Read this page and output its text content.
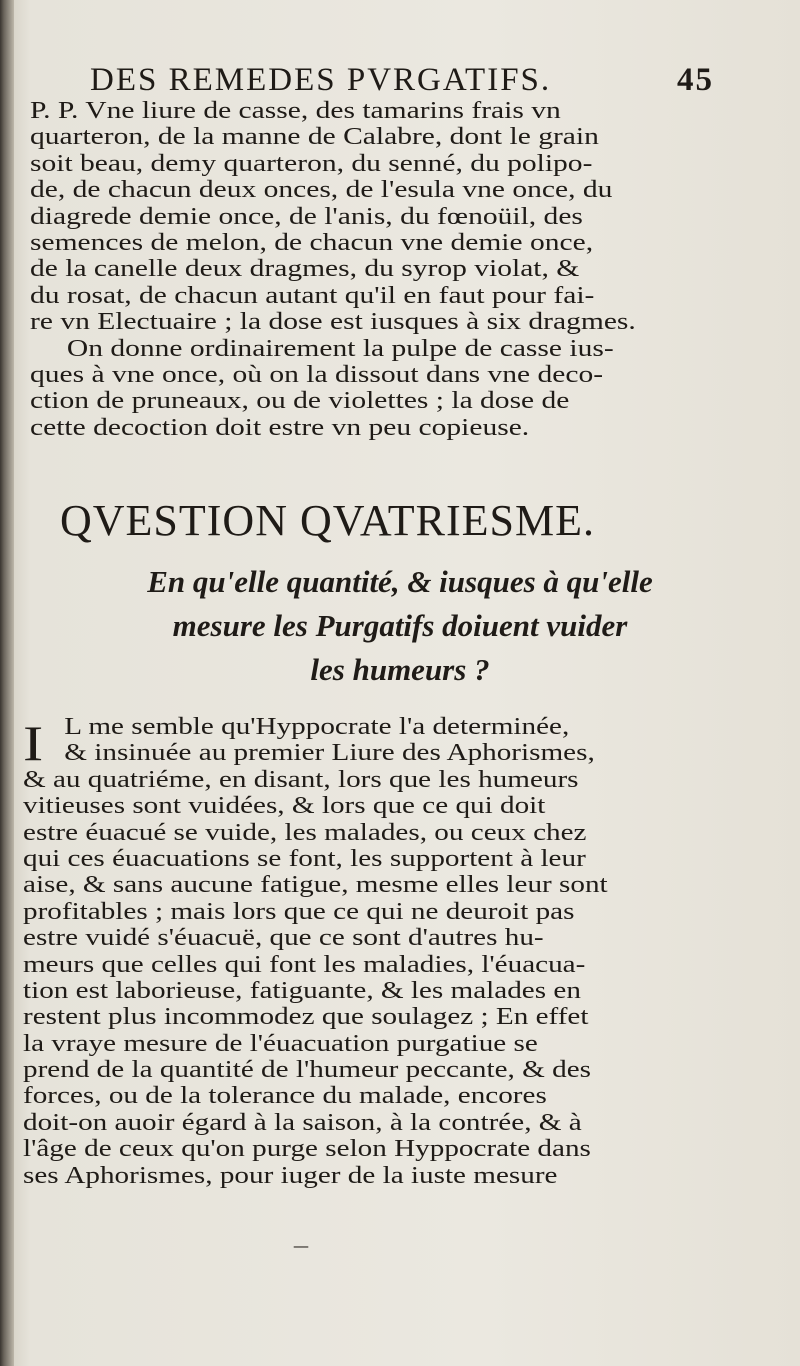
DES REMEDES PVRGATIFS.	45
P. P. Vne liure de casse, des tamarins frais vn
quarteron, de la manne de Calabre, dont le grain
soit beau, demy quarteron, du senné, du polipo-
de, de chacun deux onces, de l'esula vne once, du
diagrede demie once, de l'anis, du fœnoüil, des
semences de melon, de chacun vne demie once,
de la canelle deux dragmes, du syrop violat, &
du rosat, de chacun autant qu'il en faut pour fai-
re vn Electuaire ; la dose est iusques à six dragmes.
On donne ordinairement la pulpe de casse ius-
ques à vne once, où on la dissout dans vne deco-
ction de pruneaux, ou de violettes ; la dose de
cette decoction doit estre vn peu copieuse.
QVESTION QVATRIESME.
En qu'elle quantité, & iusques à qu'elle
mesure les Purgatifs doiuent vuider
les humeurs ?
I L me semble qu'Hyppocrate l'a determinée,
& insinuée au premier Liure des Aphorismes,
& au quatriéme, en disant, lors que les humeurs
vitieuses sont vuidées, & lors que ce qui doit
estre éuacué se vuide, les malades, ou ceux chez
qui ces éuacuations se font, les supportent à leur
aise, & sans aucune fatigue, mesme elles leur sont
profitables ; mais lors que ce qui ne deuroit pas
estre vuidé s'éuacuë, que ce sont d'autres hu-
meurs que celles qui font les maladies, l'éuacua-
tion est laborieuse, fatiguante, & les malades en
restent plus incommodez que soulagez ; En effet
la vraye mesure de l'éuacuation purgatiue se
prend de la quantité de l'humeur peccante, & des
forces, ou de la tolerance du malade, encores
doit-on auoir égard à la saison, à la contrée, & à
l'âge de ceux qu'on purge selon Hyppocrate dans
ses Aphorismes, pour iuger de la iuste mesure
—
